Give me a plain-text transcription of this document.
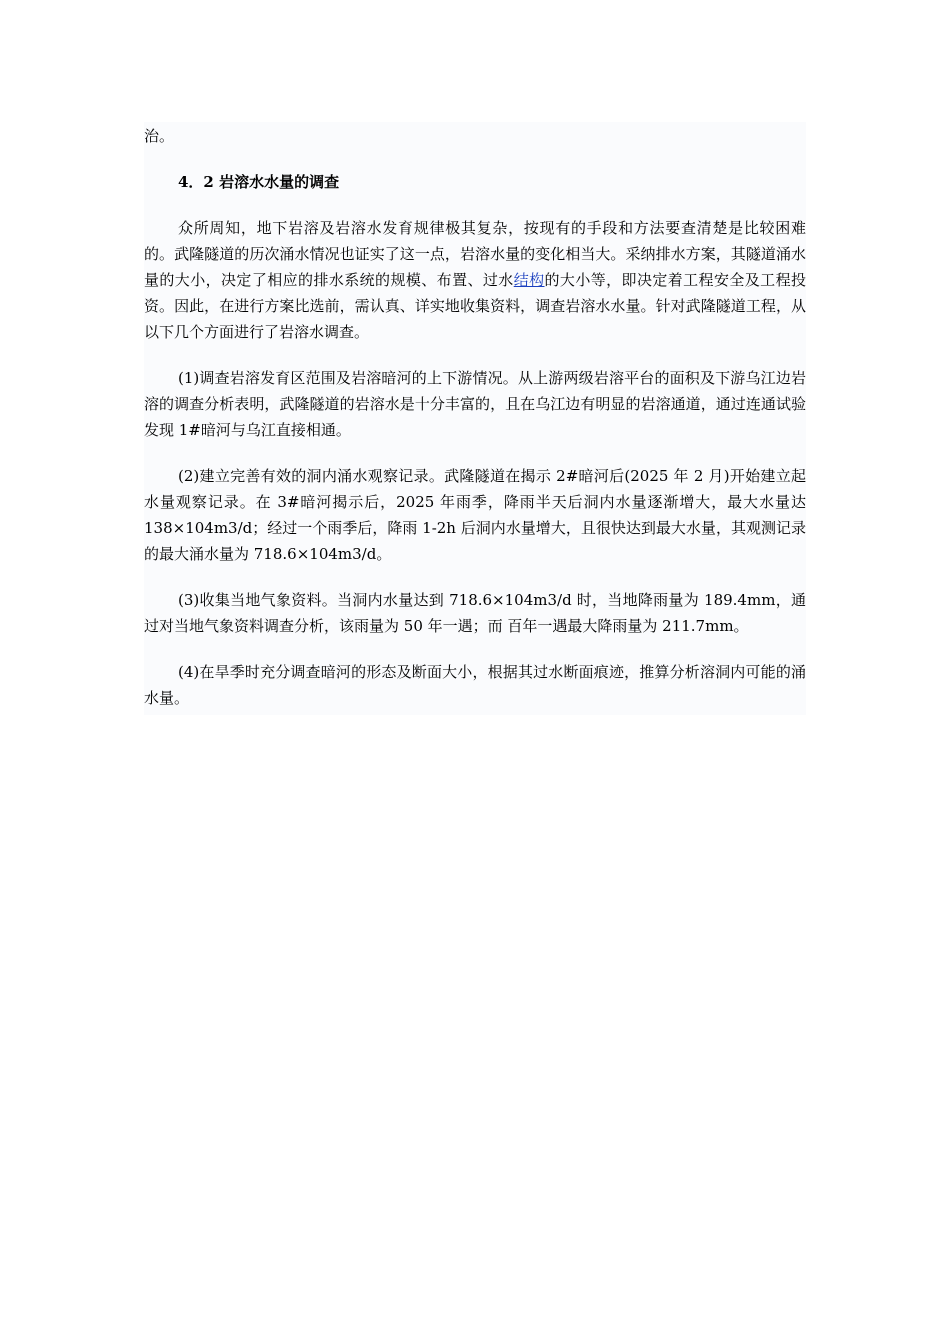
治。

4．2 岩溶水水量的调查

众所周知，地下岩溶及岩溶水发育规律极其复杂，按现有的手段和方法要查清楚是比较困难的。武隆隧道的历次涌水情况也证实了这一点，岩溶水量的变化相当大。采纳排水方案，其隧道涌水量的大小，决定了相应的排水系统的规模、布置、过水结构的大小等，即决定着工程安全及工程投资。因此，在进行方案比选前，需认真、详实地收集资料，调查岩溶水水量。针对武隆隧道工程，从以下几个方面进行了岩溶水调查。

(1)调查岩溶发育区范围及岩溶暗河的上下游情况。从上游两级岩溶平台的面积及下游乌江边岩溶的调查分析表明，武隆隧道的岩溶水是十分丰富的，且在乌江边有明显的岩溶通道，通过连通试验发现 1#暗河与乌江直接相通。

(2)建立完善有效的洞内涌水观察记录。武隆隧道在揭示 2#暗河后(2025 年 2 月)开始建立起水量观察记录。在 3#暗河揭示后，2025 年雨季，降雨半天后洞内水量逐渐增大，最大水量达 138×104m3/d；经过一个雨季后，降雨 1-2h 后洞内水量增大，且很快达到最大水量，其观测记录的最大涌水量为 718.6×104m3/d。

(3)收集当地气象资料。当洞内水量达到 718.6×104m3/d 时，当地降雨量为 189.4mm，通过对当地气象资料调查分析，该雨量为 50 年一遇；而 百年一遇最大降雨量为 211.7mm。

(4)在旱季时充分调查暗河的形态及断面大小，根据其过水断面痕迹，推算分析溶洞内可能的涌水量。
